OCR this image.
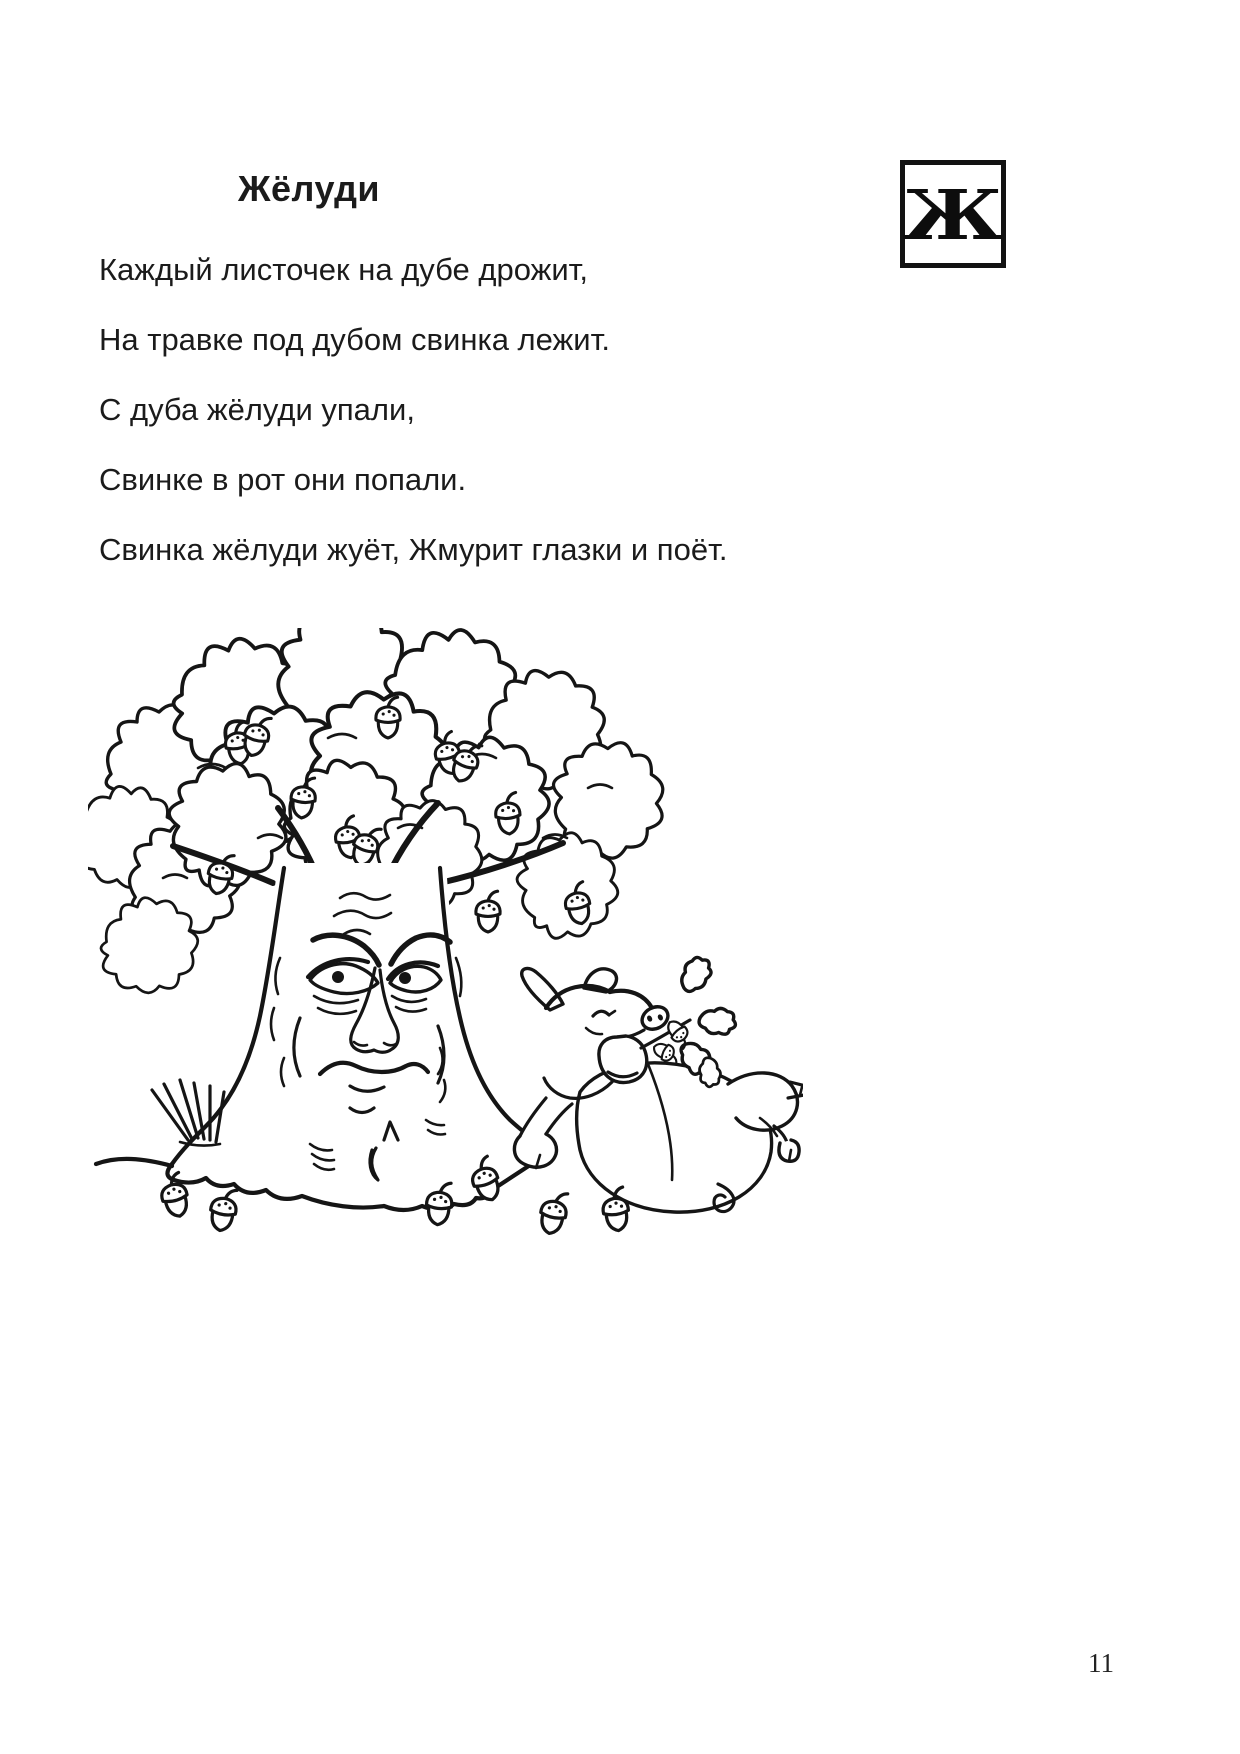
Жёлуди	Ж
Каждый листочек на дубе дрожит,
На травке под дубом свинка лежит.
С дуба жёлуди упали,
Свинке в рот они попали.
Свинка жёлуди жуёт, Жмурит глазки и поёт.
11
